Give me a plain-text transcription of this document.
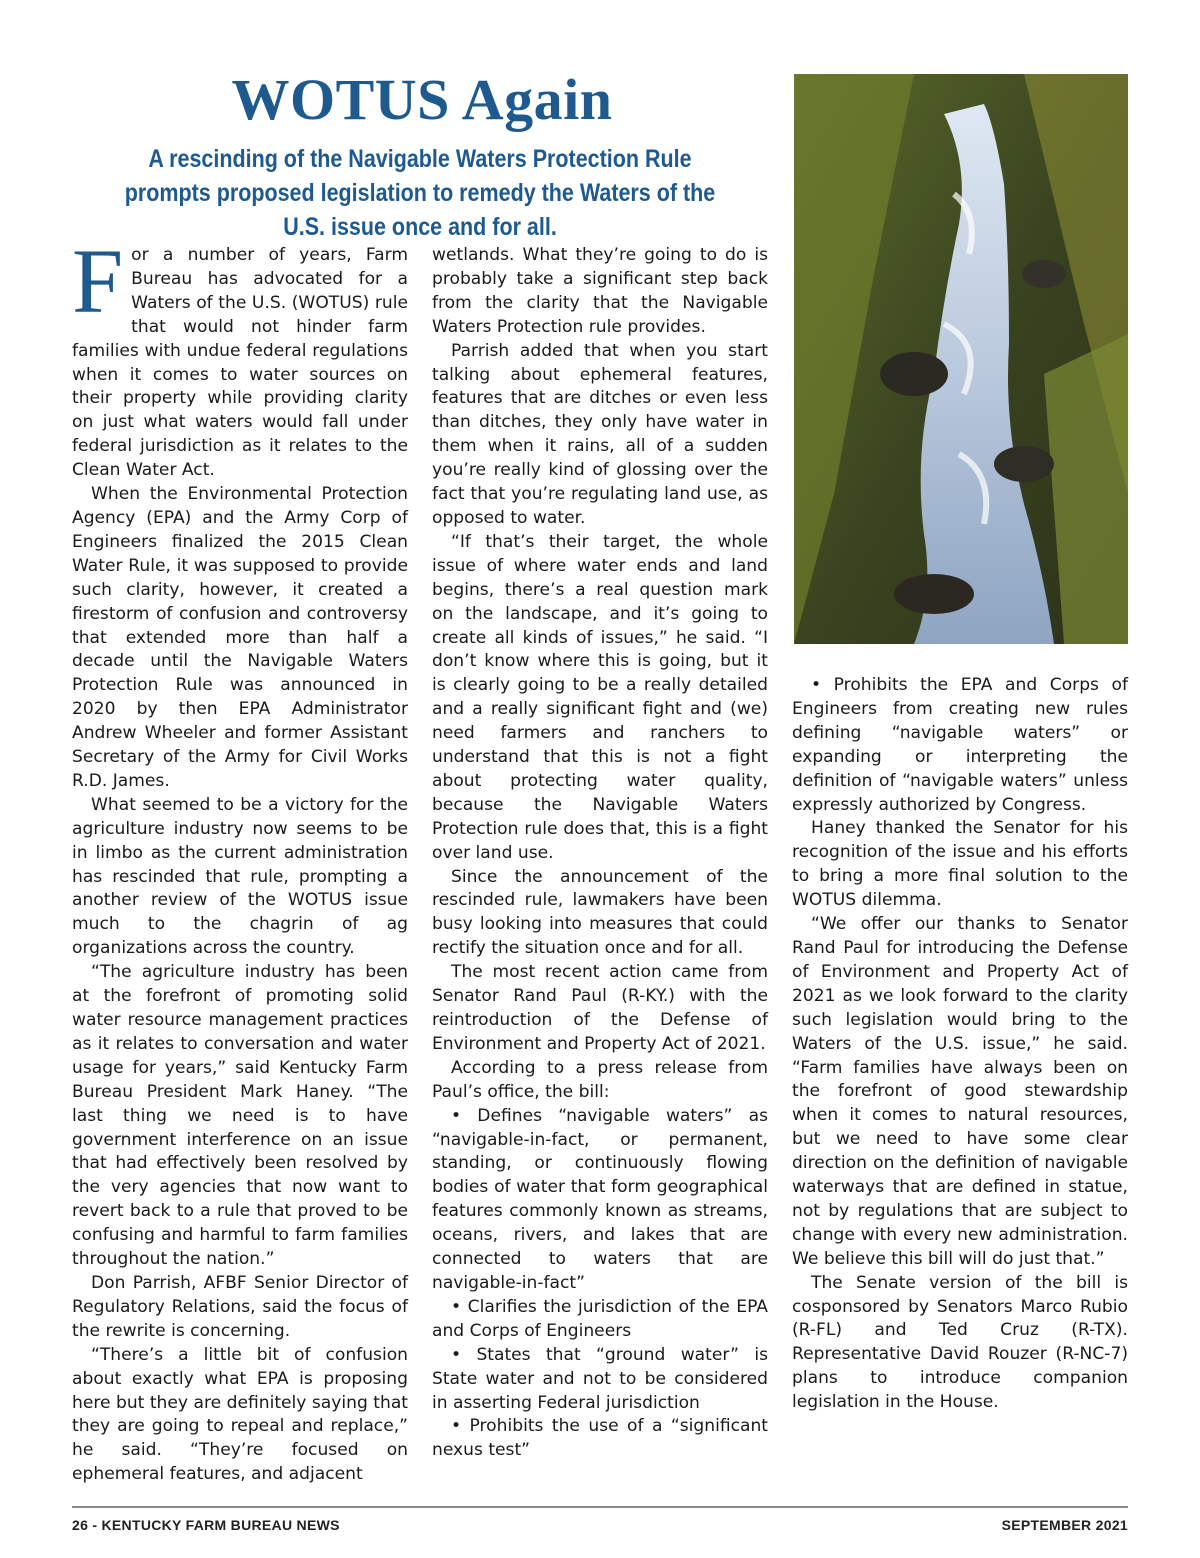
WOTUS Again
A rescinding of the Navigable Waters Protection Rule prompts proposed legislation to remedy the Waters of the U.S. issue once and for all.

For a number of years, Farm Bureau has advocated for a Waters of the U.S. (WOTUS) rule that would not hinder farm families with undue federal regulations when it comes to water sources on their property while providing clarity on just what waters would fall under federal jurisdiction as it relates to the Clean Water Act.

When the Environmental Protection Agency (EPA) and the Army Corp of Engineers finalized the 2015 Clean Water Rule, it was supposed to provide such clarity, however, it created a firestorm of confusion and controversy that extended more than half a decade until the Navigable Waters Protection Rule was announced in 2020 by then EPA Administrator Andrew Wheeler and former Assistant Secretary of the Army for Civil Works R.D. James.

What seemed to be a victory for the agriculture industry now seems to be in limbo as the current administration has rescinded that rule, prompting a another review of the WOTUS issue much to the chagrin of ag organizations across the country.

“The agriculture industry has been at the forefront of promoting solid water resource management practices as it relates to conversation and water usage for years,” said Kentucky Farm Bureau President Mark Haney. “The last thing we need is to have government interference on an issue that had effectively been resolved by the very agencies that now want to revert back to a rule that proved to be confusing and harmful to farm families throughout the nation.”

Don Parrish, AFBF Senior Director of Regulatory Relations, said the focus of the rewrite is concerning.

“There’s a little bit of confusion about exactly what EPA is proposing here but they are definitely saying that they are going to repeal and replace,” he said. “They’re focused on ephemeral features, and adjacent

wetlands. What they’re going to do is probably take a significant step back from the clarity that the Navigable Waters Protection rule provides.

Parrish added that when you start talking about ephemeral features, features that are ditches or even less than ditches, they only have water in them when it rains, all of a sudden you’re really kind of glossing over the fact that you’re regulating land use, as opposed to water.

“If that’s their target, the whole issue of where water ends and land begins, there’s a real question mark on the landscape, and it’s going to create all kinds of issues,” he said. “I don’t know where this is going, but it is clearly going to be a really detailed and a really significant fight and (we) need farmers and ranchers to understand that this is not a fight about protecting water quality, because the Navigable Waters Protection rule does that, this is a fight over land use.

Since the announcement of the rescinded rule, lawmakers have been busy looking into measures that could rectify the situation once and for all.

The most recent action came from Senator Rand Paul (R-KY.) with the reintroduction of the Defense of Environment and Property Act of 2021.

According to a press release from Paul’s office, the bill:

• Defines “navigable waters” as “navigable-in-fact, or permanent, standing, or continuously flowing bodies of water that form geographical features commonly known as streams, oceans, rivers, and lakes that are connected to waters that are navigable-in-fact”

• Clarifies the jurisdiction of the EPA and Corps of Engineers

• States that “ground water” is State water and not to be considered in asserting Federal jurisdiction

• Prohibits the use of a “significant nexus test”

• Prohibits the EPA and Corps of Engineers from creating new rules defining “navigable waters” or expanding or interpreting the definition of “navigable waters” unless expressly authorized by Congress.

Haney thanked the Senator for his recognition of the issue and his efforts to bring a more final solution to the WOTUS dilemma.

“We offer our thanks to Senator Rand Paul for introducing the Defense of Environment and Property Act of 2021 as we look forward to the clarity such legislation would bring to the Waters of the U.S. issue,” he said. “Farm families have always been on the forefront of good stewardship when it comes to natural resources, but we need to have some clear direction on the definition of navigable waterways that are defined in statue, not by regulations that are subject to change with every new administration. We believe this bill will do just that.”

The Senate version of the bill is cosponsored by Senators Marco Rubio (R-FL) and Ted Cruz (R-TX). Representative David Rouzer (R-NC-7) plans to introduce companion legislation in the House.

26 - KENTUCKY FARM BUREAU NEWS	SEPTEMBER 2021
